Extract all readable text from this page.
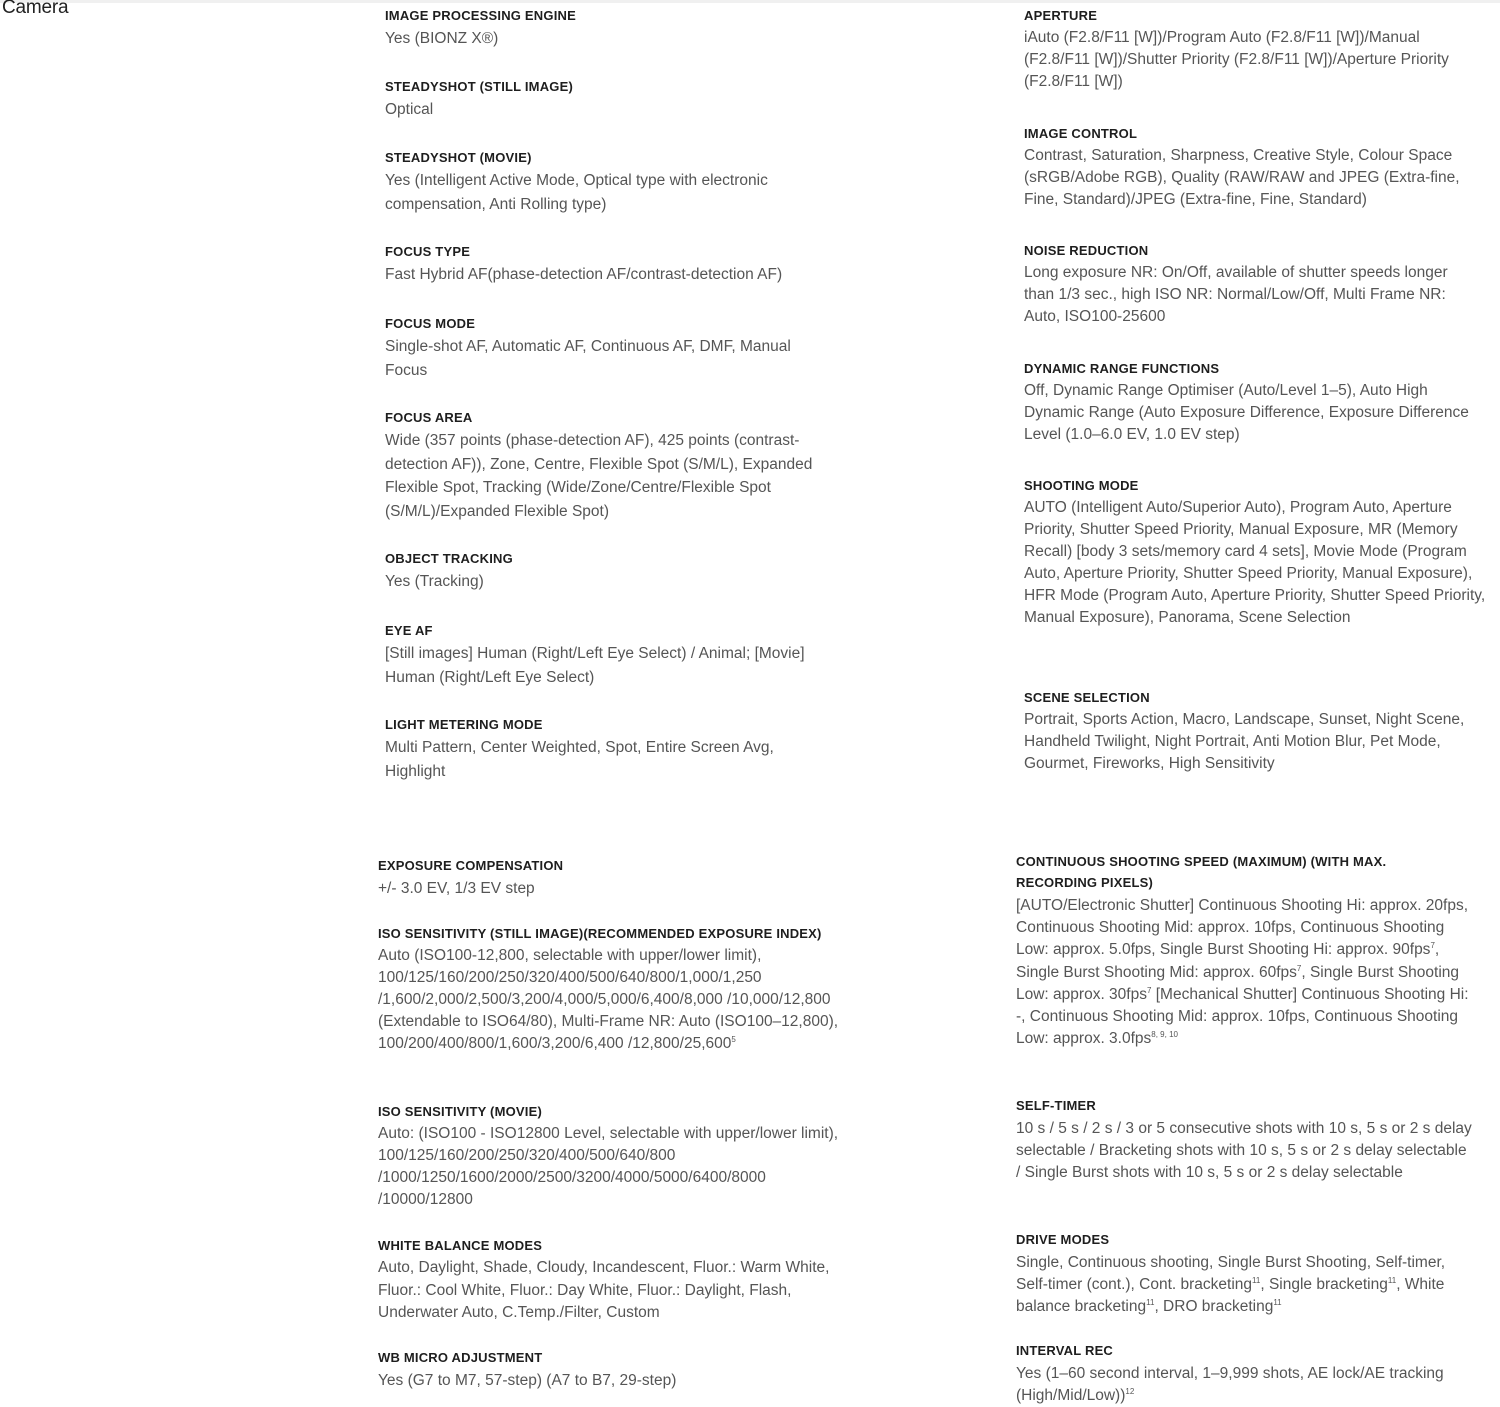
Camera	IMAGE PROCESSING ENGINE
Yes (BIONZ X®)
STEADYSHOT (STILL IMAGE)
Optical
STEADYSHOT (MOVIE)
Yes (Intelligent Active Mode, Optical type with electronic compensation, Anti Rolling type)
FOCUS TYPE
Fast Hybrid AF(phase-detection AF/contrast-detection AF)
FOCUS MODE
Single-shot AF, Automatic AF, Continuous AF, DMF, Manual Focus
FOCUS AREA
Wide (357 points (phase-detection AF), 425 points (contrast-detection AF)), Zone, Centre, Flexible Spot (S/M/L), Expanded Flexible Spot, Tracking (Wide/Zone/Centre/Flexible Spot (S/M/L)/Expanded Flexible Spot)
OBJECT TRACKING
Yes (Tracking)
EYE AF
[Still images] Human (Right/Left Eye Select) / Animal; [Movie] Human (Right/Left Eye Select)
LIGHT METERING MODE
Multi Pattern, Center Weighted, Spot, Entire Screen Avg, Highlight
APERTURE
iAuto (F2.8/F11 [W])/Program Auto (F2.8/F11 [W])/Manual (F2.8/F11 [W])/Shutter Priority (F2.8/F11 [W])/Aperture Priority (F2.8/F11 [W])
IMAGE CONTROL
Contrast, Saturation, Sharpness, Creative Style, Colour Space (sRGB/Adobe RGB), Quality (RAW/RAW and JPEG (Extra-fine, Fine, Standard)/JPEG (Extra-fine, Fine, Standard)
NOISE REDUCTION
Long exposure NR: On/Off, available of shutter speeds longer than 1/3 sec., high ISO NR: Normal/Low/Off, Multi Frame NR: Auto, ISO100-25600
DYNAMIC RANGE FUNCTIONS
Off, Dynamic Range Optimiser (Auto/Level 1–5), Auto High Dynamic Range (Auto Exposure Difference, Exposure Difference Level (1.0–6.0 EV, 1.0 EV step)
SHOOTING MODE
AUTO (Intelligent Auto/Superior Auto), Program Auto, Aperture Priority, Shutter Speed Priority, Manual Exposure, MR (Memory Recall) [body 3 sets/memory card 4 sets], Movie Mode (Program Auto, Aperture Priority, Shutter Speed Priority, Manual Exposure), HFR Mode (Program Auto, Aperture Priority, Shutter Speed Priority, Manual Exposure), Panorama, Scene Selection
SCENE SELECTION
Portrait, Sports Action, Macro, Landscape, Sunset, Night Scene, Handheld Twilight, Night Portrait, Anti Motion Blur, Pet Mode, Gourmet, Fireworks, High Sensitivity
EXPOSURE COMPENSATION
+/- 3.0 EV, 1/3 EV step
ISO SENSITIVITY (STILL IMAGE)(RECOMMENDED EXPOSURE INDEX)
Auto (ISO100-12,800, selectable with upper/lower limit), 100/125/160/200/250/320/400/500/640/800/1,000/1,250 /1,600/2,000/2,500/3,200/4,000/5,000/6,400/8,000 /10,000/12,800 (Extendable to ISO64/80), Multi-Frame NR: Auto (ISO100–12,800), 100/200/400/800/1,600/3,200/6,400 /12,800/25,600$^5$
ISO SENSITIVITY (MOVIE)
Auto: (ISO100 - ISO12800 Level, selectable with upper/lower limit), 100/125/160/200/250/320/400/500/640/800 /1000/1250/1600/2000/2500/3200/4000/5000/6400/8000 /10000/12800
WHITE BALANCE MODES
Auto, Daylight, Shade, Cloudy, Incandescent, Fluor.: Warm White, Fluor.: Cool White, Fluor.: Day White, Fluor.: Daylight, Flash, Underwater Auto, C.Temp./Filter, Custom
WB MICRO ADJUSTMENT
Yes (G7 to M7, 57-step) (A7 to B7, 29-step)
CONTINUOUS SHOOTING SPEED (MAXIMUM) (WITH MAX. RECORDING PIXELS)
[AUTO/Electronic Shutter] Continuous Shooting Hi: approx. 20fps, Continuous Shooting Mid: approx. 10fps, Continuous Shooting Low: approx. 5.0fps, Single Burst Shooting Hi: approx. 90fps$^7$, Single Burst Shooting Mid: approx. 60fps$^7$, Single Burst Shooting Low: approx. 30fps$^7$ [Mechanical Shutter] Continuous Shooting Hi: -, Continuous Shooting Mid: approx. 10fps, Continuous Shooting Low: approx. 3.0fps$^{8, 9, 10}$
SELF-TIMER
10 s / 5 s / 2 s / 3 or 5 consecutive shots with 10 s, 5 s or 2 s delay selectable / Bracketing shots with 10 s, 5 s or 2 s delay selectable / Single Burst shots with 10 s, 5 s or 2 s delay selectable
DRIVE MODES
Single, Continuous shooting, Single Burst Shooting, Self-timer, Self-timer (cont.), Cont. bracketing$^{11}$, Single bracketing$^{11}$, White balance bracketing$^{11}$, DRO bracketing$^{11}$
INTERVAL REC
Yes (1–60 second interval, 1–9,999 shots, AE lock/AE tracking (High/Mid/Low))$^{12}$
